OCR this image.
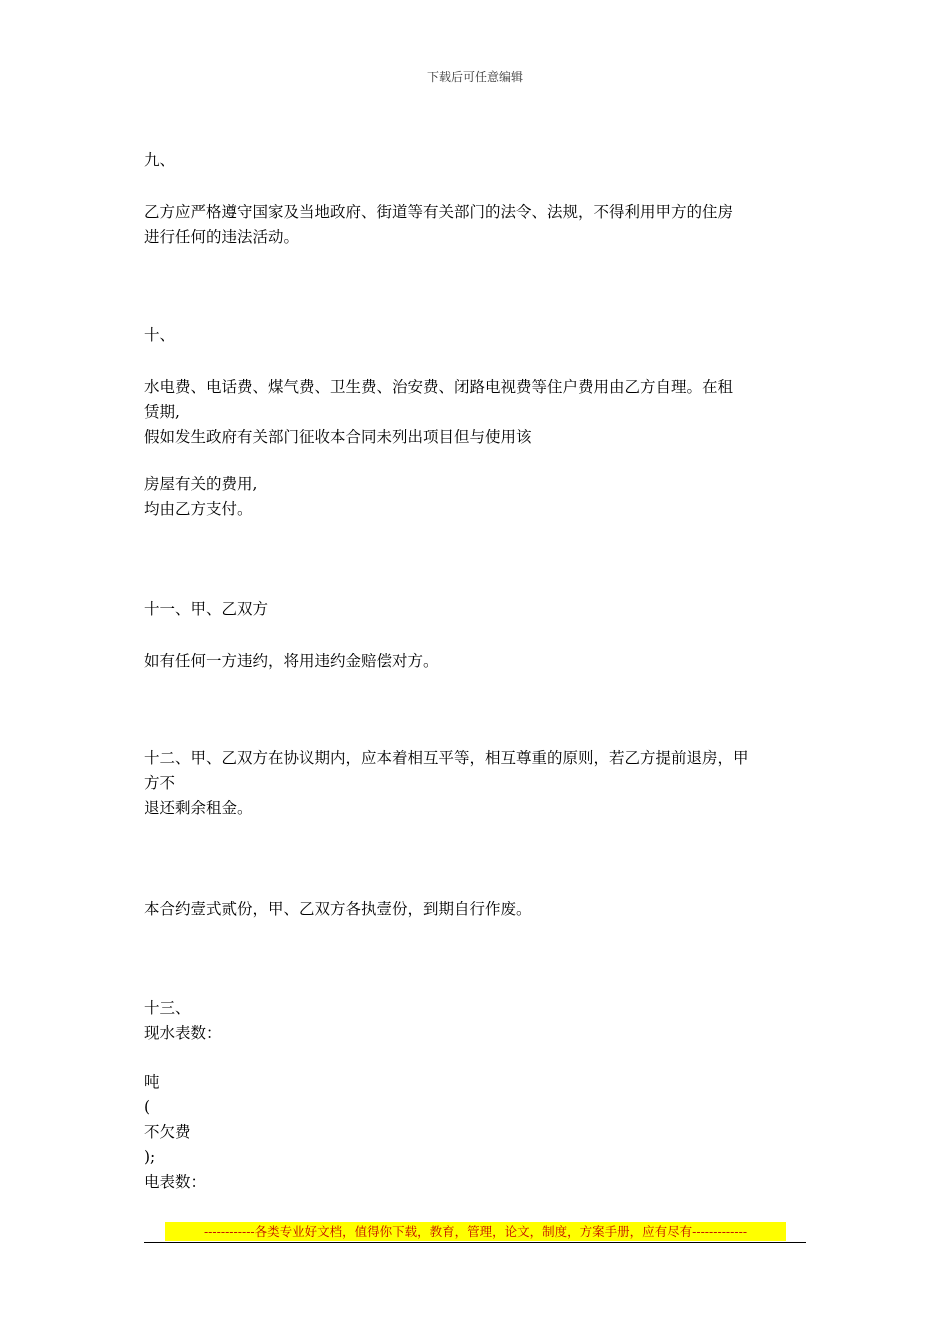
下载后可任意编辑
九、
乙方应严格遵守国家及当地政府、街道等有关部门的法令、法规，不得利用甲方的住房
进行任何的违法活动。
十、
水电费、电话费、煤气费、卫生费、治安费、闭路电视费等住户费用由乙方自理。在租
赁期,
假如发生政府有关部门征收本合同未列出项目但与使用该
房屋有关的费用,
均由乙方支付。
十一、甲、乙双方
如有任何一方违约，将用违约金赔偿对方。
十二、甲、乙双方在协议期内，应本着相互平等，相互尊重的原则，若乙方提前退房，甲
方不
退还剩余租金。
本合约壹式贰份，甲、乙双方各执壹份，到期自行作废。
十三、
现水表数：
吨
(
不欠费
);
电表数：
------------各类专业好文档，值得你下载，教育，管理，论文，制度，方案手册，应有尽有-------------
